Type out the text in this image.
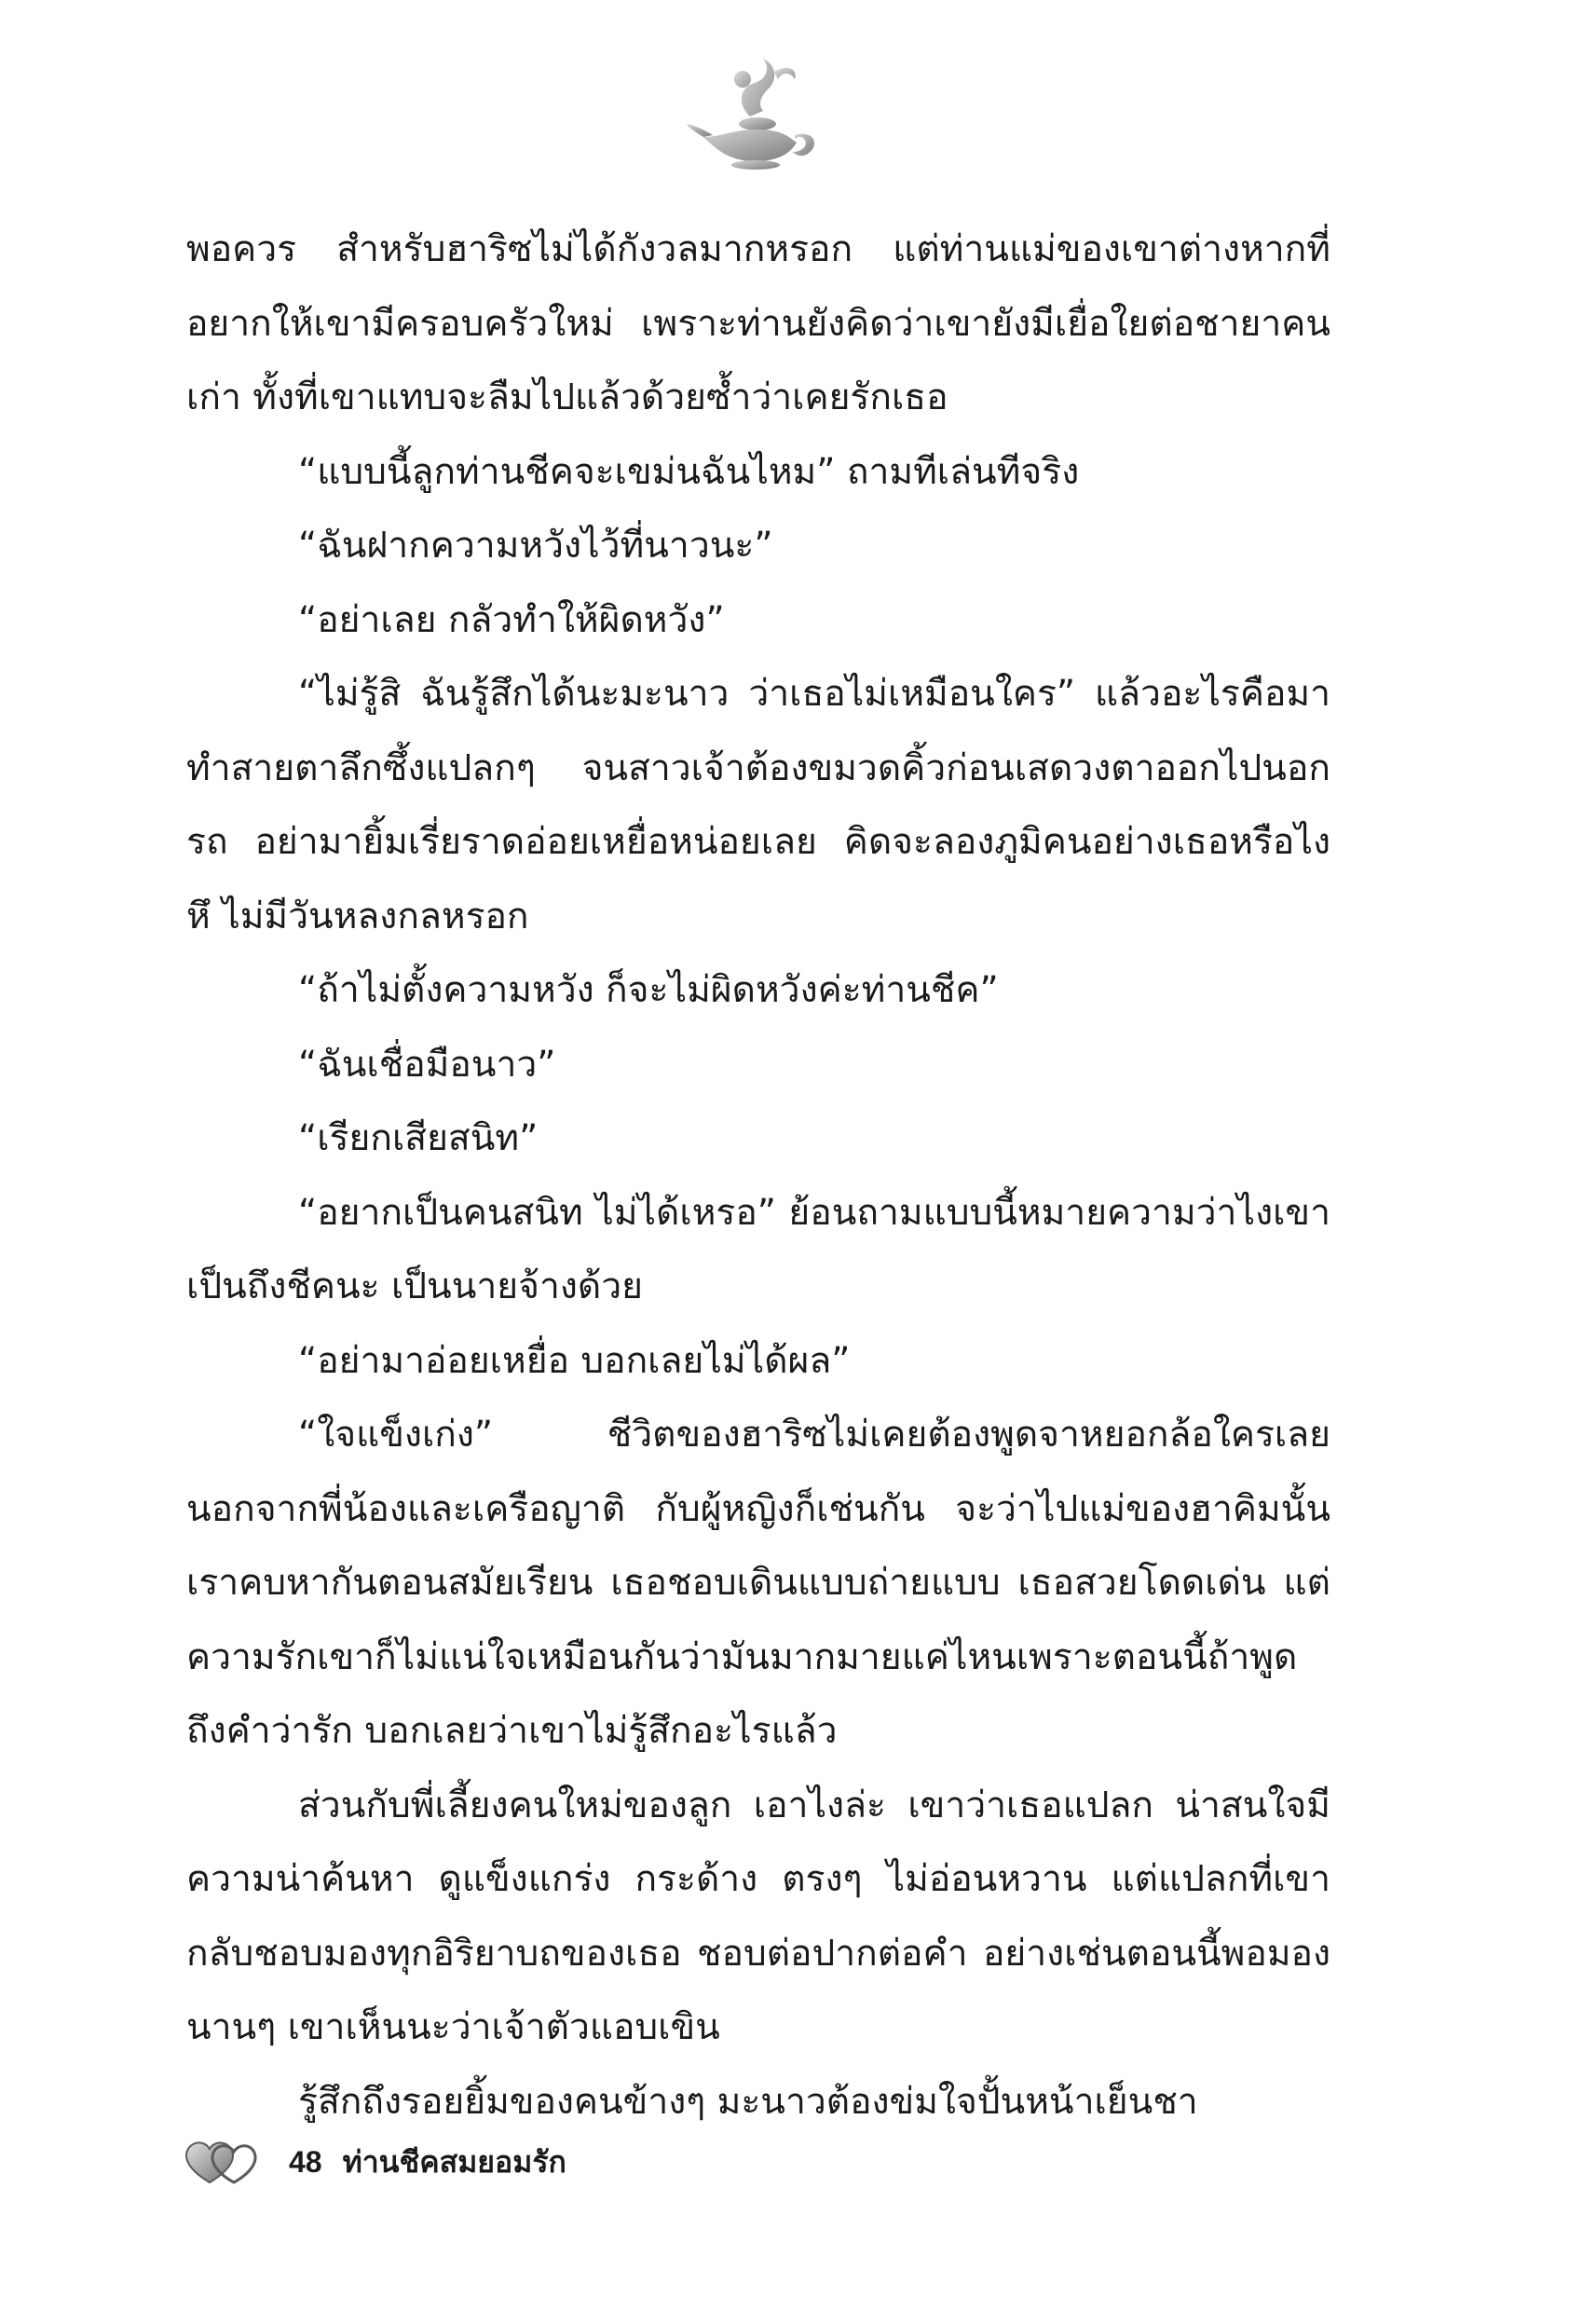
พอควร สำหรับฮาริซไม่ได้กังวลมากหรอก แต่ท่านแม่ของเขาต่างหากที่อยากให้เขามีครอบครัวใหม่ เพราะท่านยังคิดว่าเขายังมีเยื่อใยต่อชายาคนเก่า ทั้งที่เขาแทบจะลืมไปแล้วด้วยซ้ำว่าเคยรักเธอ

“แบบนี้ลูกท่านชีคจะเขม่นฉันไหม” ถามทีเล่นทีจริง

“ฉันฝากความหวังไว้ที่นาวนะ”

“อย่าเลย กลัวทำให้ผิดหวัง”

“ไม่รู้สิ ฉันรู้สึกได้นะมะนาว ว่าเธอไม่เหมือนใคร” แล้วอะไรคือมาทำสายตาลึกซึ้งแปลกๆ จนสาวเจ้าต้องขมวดคิ้วก่อนเสดวงตาออกไปนอกรถ อย่ามายิ้มเรี่ยราดอ่อยเหยื่อหน่อยเลย คิดจะลองภูมิคนอย่างเธอหรือไง หึ ไม่มีวันหลงกลหรอก

“ถ้าไม่ตั้งความหวัง ก็จะไม่ผิดหวังค่ะท่านชีค”

“ฉันเชื่อมือนาว”

“เรียกเสียสนิท”

“อยากเป็นคนสนิท ไม่ได้เหรอ” ย้อนถามแบบนี้หมายความว่าไงเขาเป็นถึงชีคนะ เป็นนายจ้างด้วย

“อย่ามาอ่อยเหยื่อ บอกเลยไม่ได้ผล”

“ใจแข็งเก่ง” ชีวิตของฮาริซไม่เคยต้องพูดจาหยอกล้อใครเลยนอกจากพี่น้องและเครือญาติ กับผู้หญิงก็เช่นกัน จะว่าไปแม่ของฮาคิมนั้นเราคบหากันตอนสมัยเรียน เธอชอบเดินแบบถ่ายแบบ เธอสวยโดดเด่น แต่ความรักเขาก็ไม่แน่ใจเหมือนกันว่ามันมากมายแค่ไหนเพราะตอนนี้ถ้าพูดถึงคำว่ารัก บอกเลยว่าเขาไม่รู้สึกอะไรแล้ว

ส่วนกับพี่เลี้ยงคนใหม่ของลูก เอาไงล่ะ เขาว่าเธอแปลก น่าสนใจมีความน่าค้นหา ดูแข็งแกร่ง กระด้าง ตรงๆ ไม่อ่อนหวาน แต่แปลกที่เขากลับชอบมองทุกอิริยาบถของเธอ ชอบต่อปากต่อคำ อย่างเช่นตอนนี้พอมองนานๆ เขาเห็นนะว่าเจ้าตัวแอบเขิน

รู้สึกถึงรอยยิ้มของคนข้างๆ มะนาวต้องข่มใจปั้นหน้าเย็นชา

48 ท่านชีคสมยอมรัก
